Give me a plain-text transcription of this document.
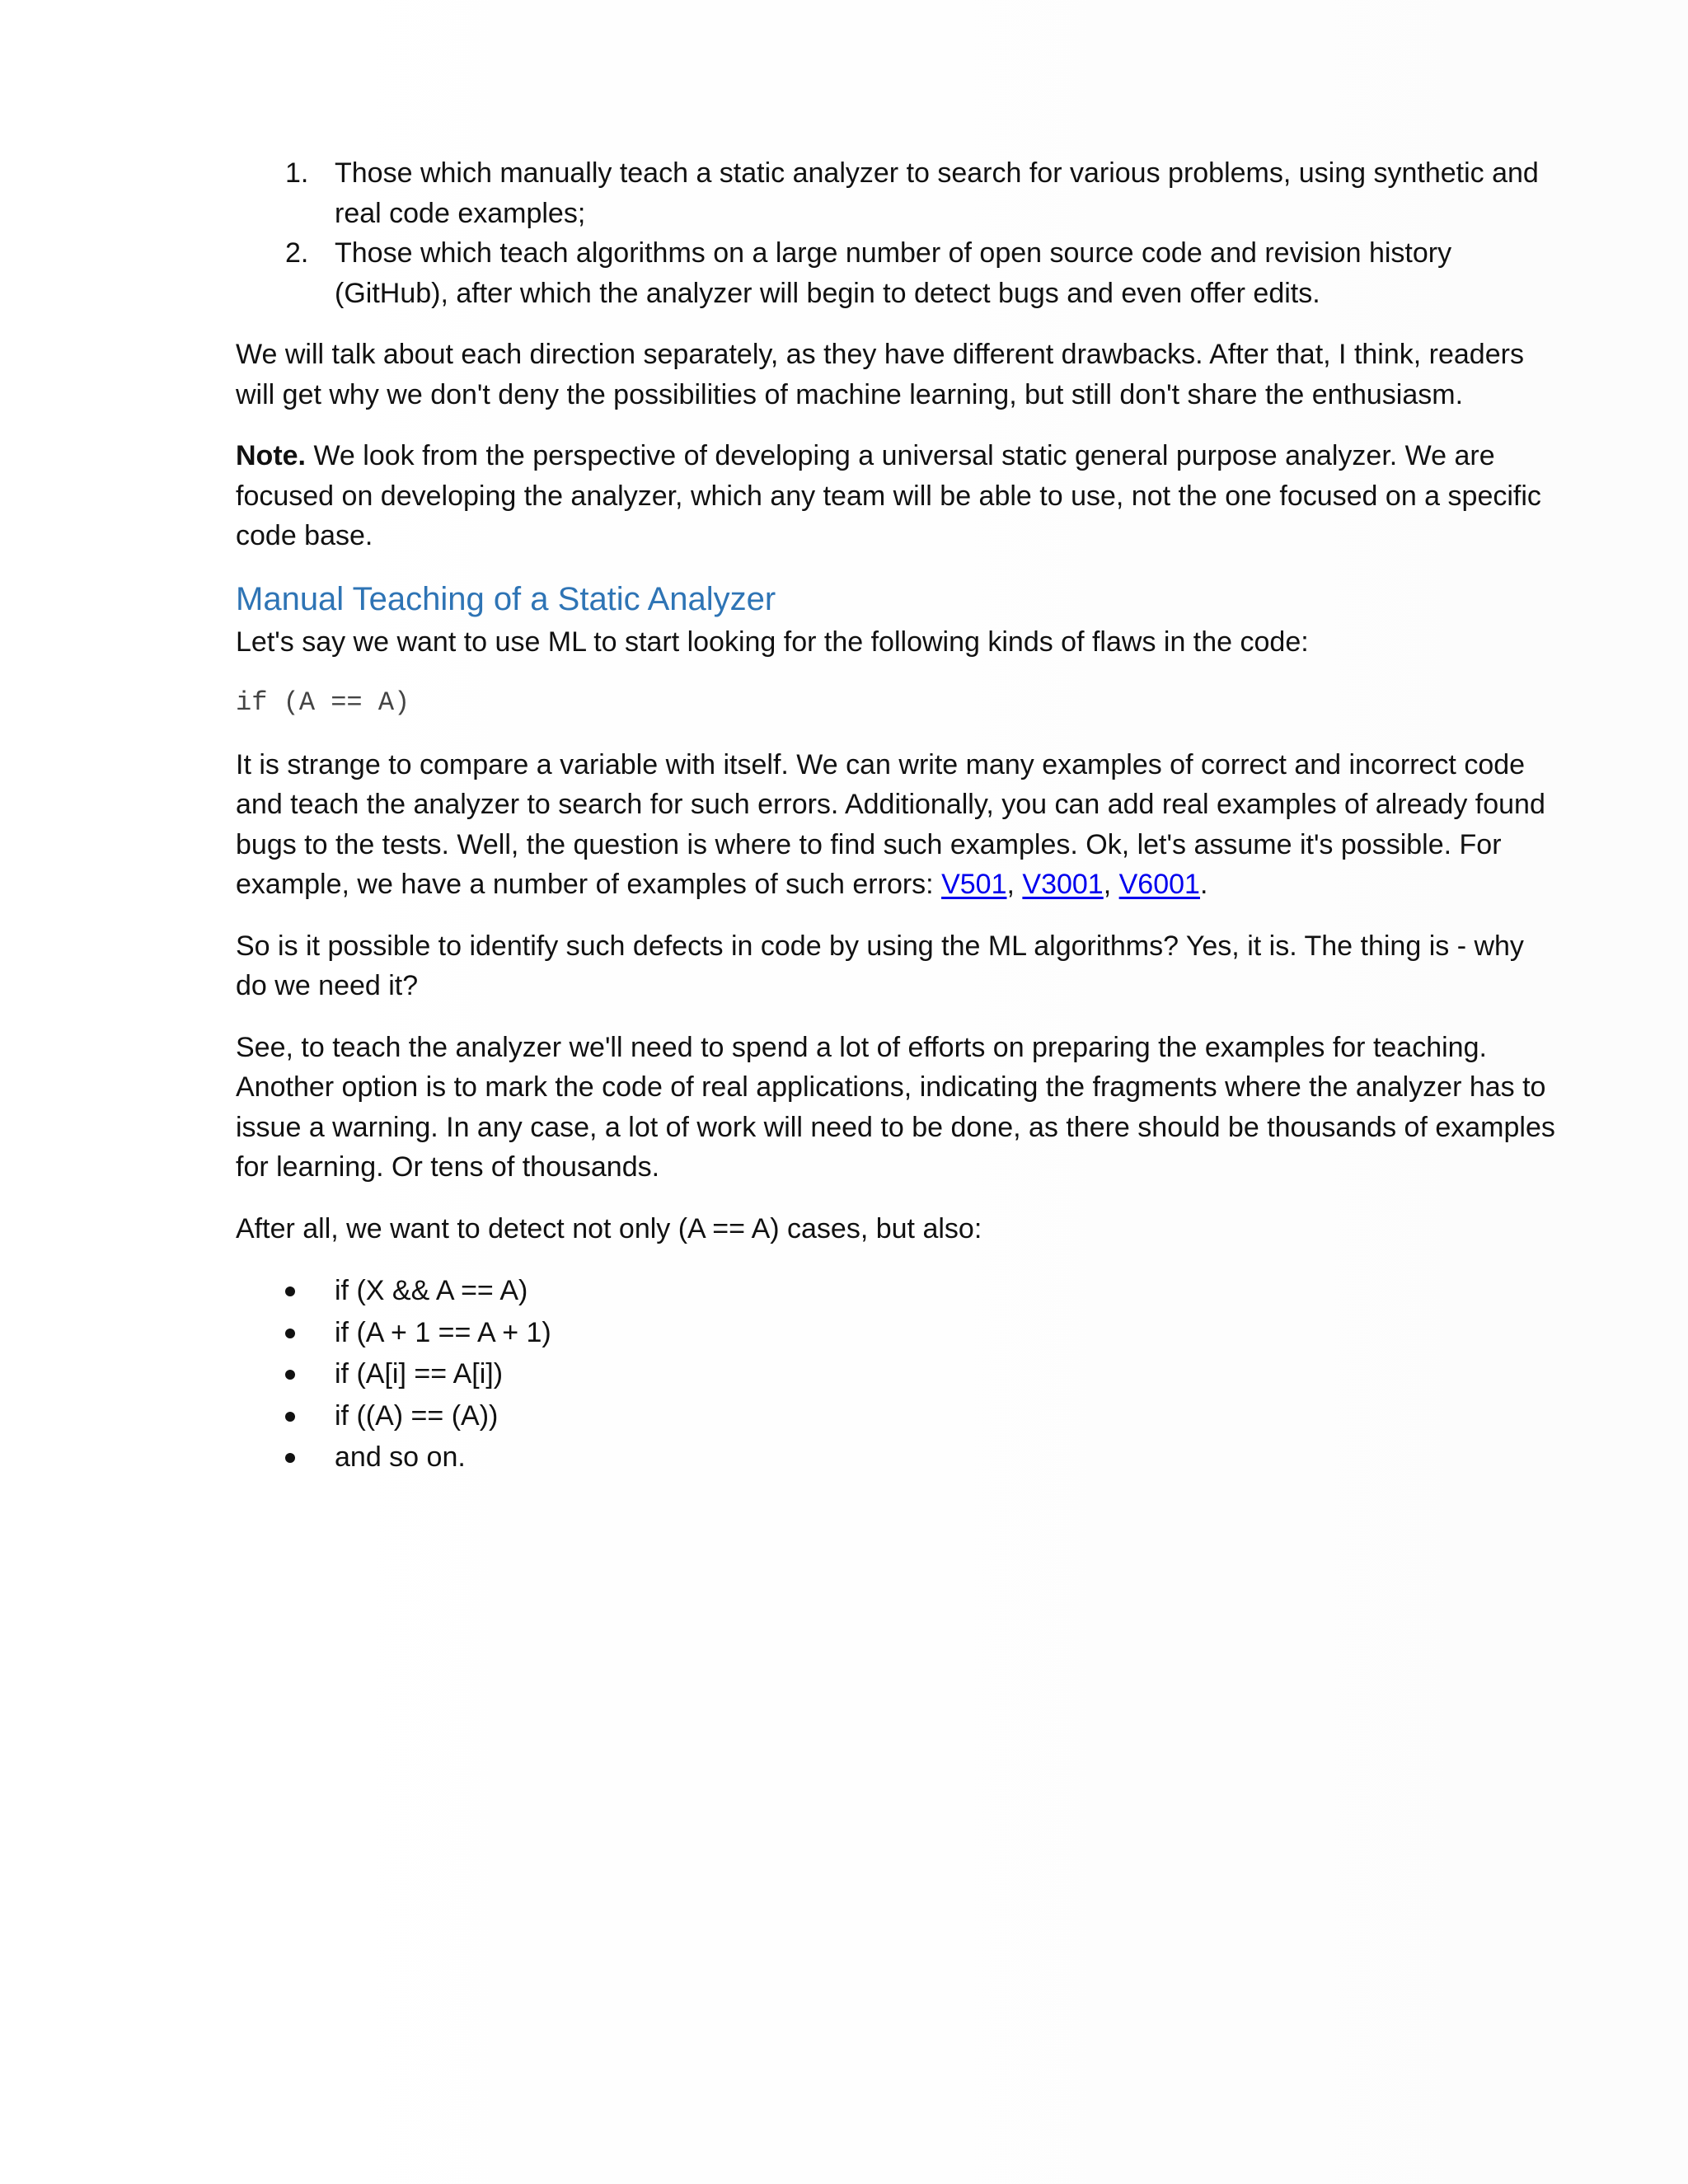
1. Those which manually teach a static analyzer to search for various problems, using synthetic and real code examples;
2. Those which teach algorithms on a large number of open source code and revision history (GitHub), after which the analyzer will begin to detect bugs and even offer edits.

We will talk about each direction separately, as they have different drawbacks. After that, I think, readers will get why we don't deny the possibilities of machine learning, but still don't share the enthusiasm.

Note. We look from the perspective of developing a universal static general purpose analyzer. We are focused on developing the analyzer, which any team will be able to use, not the one focused on a specific code base.

Manual Teaching of a Static Analyzer

Let's say we want to use ML to start looking for the following kinds of flaws in the code:

if (A == A)

It is strange to compare a variable with itself. We can write many examples of correct and incorrect code and teach the analyzer to search for such errors. Additionally, you can add real examples of already found bugs to the tests. Well, the question is where to find such examples. Ok, let's assume it's possible. For example, we have a number of examples of such errors: V501, V3001, V6001.

So is it possible to identify such defects in code by using the ML algorithms? Yes, it is. The thing is - why do we need it?

See, to teach the analyzer we'll need to spend a lot of efforts on preparing the examples for teaching. Another option is to mark the code of real applications, indicating the fragments where the analyzer has to issue a warning. In any case, a lot of work will need to be done, as there should be thousands of examples for learning. Or tens of thousands.

After all, we want to detect not only (A == A) cases, but also:

if (X && A == A)
if (A + 1 == A + 1)
if (A[i] == A[i])
if ((A) == (A))
and so on.
